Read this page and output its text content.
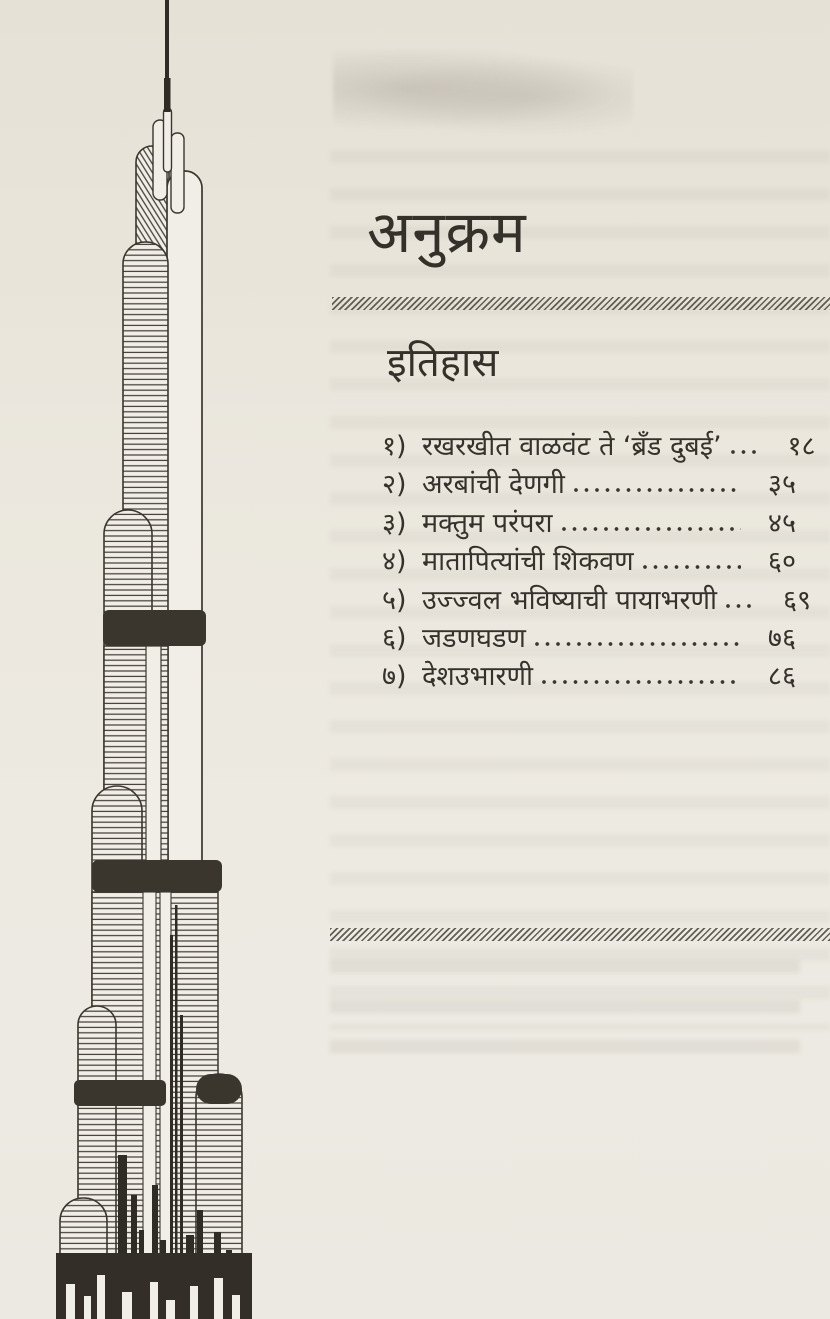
अनुक्रम
इतिहास
१) रखरखीत वाळवंट ते ‘ब्रँड दुबई’	१८
२) अरबांची देणगी	३५
३) मक्तुम परंपरा	४५
४) मातापित्यांची शिकवण	६०
५) उज्ज्वल भविष्याची पायाभरणी	६९
६) जडणघडण	७६
७) देशउभारणी	८६
